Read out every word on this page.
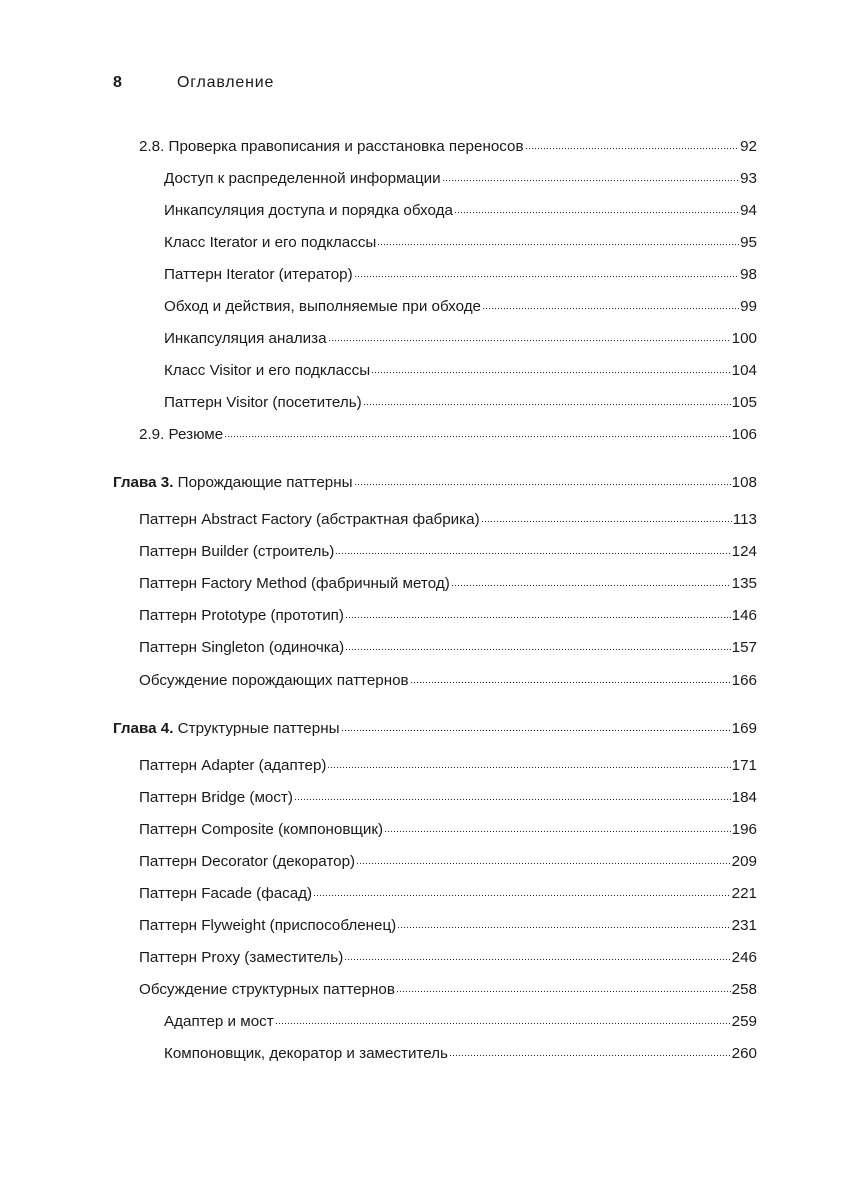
8	Оглавление
2.8. Проверка правописания и расстановка переносов	92
Доступ к распределенной информации	93
Инкапсуляция доступа и порядка обхода	94
Класс Iterator и его подклассы	95
Паттерн Iterator (итератор)	98
Обход и действия, выполняемые при обходе	99
Инкапсуляция анализа	100
Класс Visitor и его подклассы	104
Паттерн Visitor (посетитель)	105
2.9. Резюме	106
Глава 3. Порождающие паттерны	108
Паттерн Abstract Factory (абстрактная фабрика)	113
Паттерн Builder (строитель)	124
Паттерн Factory Method (фабричный метод)	135
Паттерн Prototype (прототип)	146
Паттерн Singleton (одиночка)	157
Обсуждение порождающих паттернов	166
Глава 4. Структурные паттерны	169
Паттерн Adapter (адаптер)	171
Паттерн Bridge (мост)	184
Паттерн Composite (компоновщик)	196
Паттерн Decorator (декоратор)	209
Паттерн Facade (фасад)	221
Паттерн Flyweight (приспособленец)	231
Паттерн Proxy (заместитель)	246
Обсуждение структурных паттернов	258
Адаптер и мост	259
Компоновщик, декоратор и заместитель	260
